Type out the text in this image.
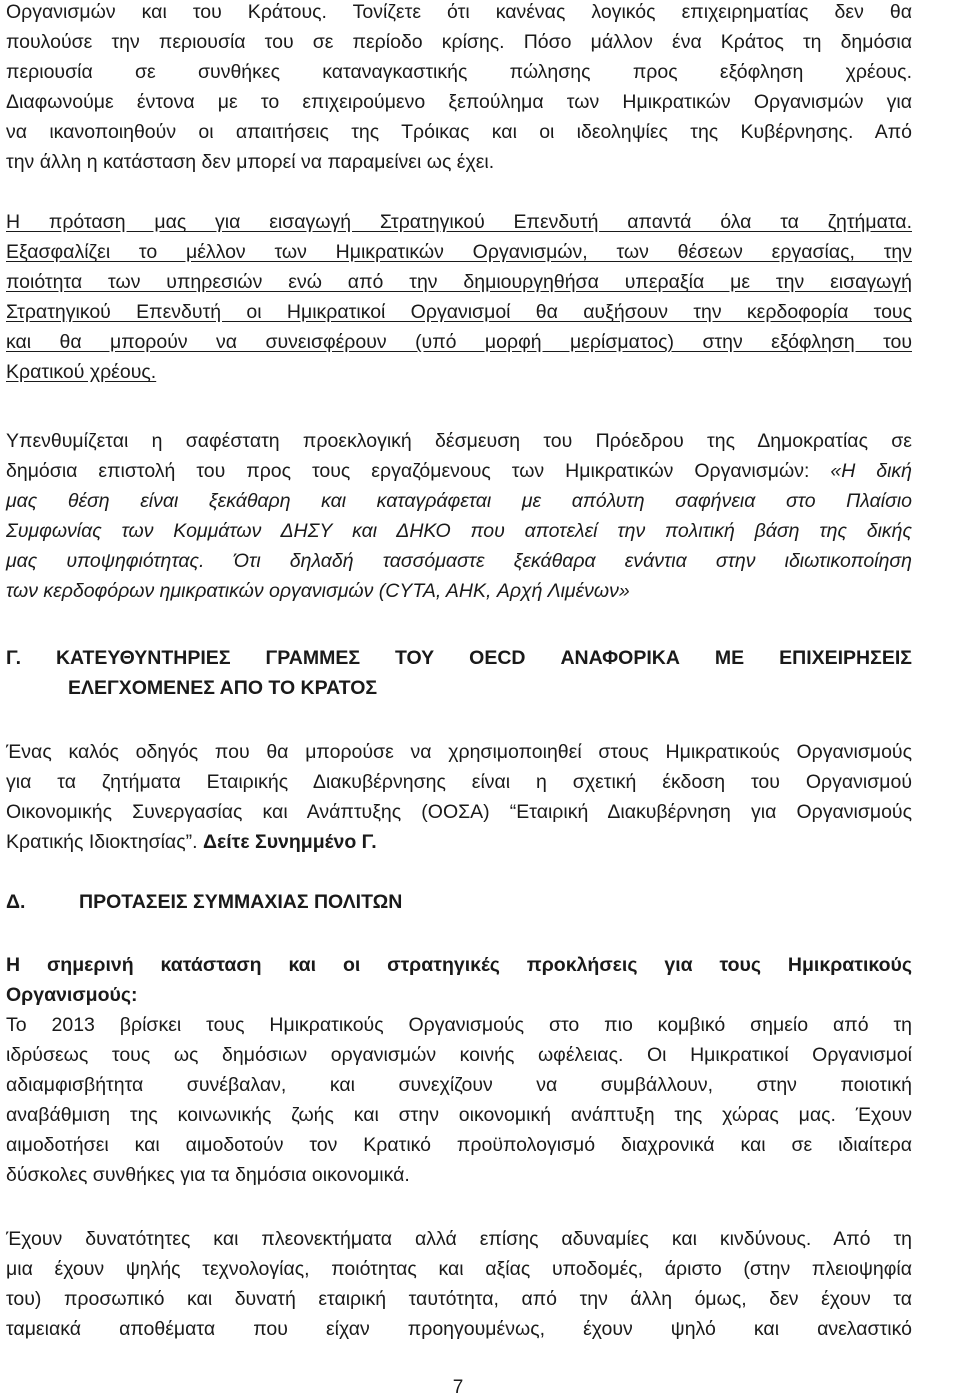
Οργανισμών και του Κράτους. Τονίζετε ότι κανένας λογικός επιχειρηματίας δεν θα
πουλούσε την περιουσία του σε περίοδο κρίσης. Πόσο μάλλον ένα Κράτος τη δημόσια
περιουσία σε συνθήκες καταναγκαστικής πώλησης προς εξόφληση χρέους.
Διαφωνούμε έντονα με το επιχειρούμενο ξεπούλημα των Ημικρατικών Οργανισμών για
να ικανοποιηθούν οι απαιτήσεις της Τρόικας και οι ιδεοληψίες της Κυβέρνησης. Από
την άλλη η κατάσταση δεν μπορεί να παραμείνει ως έχει.
Η πρόταση μας για εισαγωγή Στρατηγικού Επενδυτή απαντά όλα τα ζητήματα.
Εξασφαλίζει το μέλλον των Ημικρατικών Οργανισμών, των θέσεων εργασίας, την
ποιότητα των υπηρεσιών ενώ από την δημιουργηθήσα υπεραξία με την εισαγωγή
Στρατηγικού Επενδυτή οι Ημικρατικοί Οργανισμοί θα αυξήσουν την κερδοφορία τους
και θα μπορούν να συνεισφέρουν (υπό μορφή μερίσματος) στην εξόφληση του
Κρατικού χρέους.
Υπενθυμίζεται η σαφέστατη προεκλογική δέσμευση του Πρόεδρου της Δημοκρατίας σε
δημόσια επιστολή του προς τους εργαζόμενους των Ημικρατικών Οργανισμών: «Η δική
μας θέση είναι ξεκάθαρη και καταγράφεται με απόλυτη σαφήνεια στο Πλαίσιο
Συμφωνίας των Κομμάτων ΔΗΣΥ και ΔΗΚΟ που αποτελεί την πολιτική βάση της δικής
μας υποψηφιότητας. Ότι δηλαδή τασσόμαστε ξεκάθαρα ενάντια στην ιδιωτικοποίηση
των κερδοφόρων ημικρατικών οργανισμών (CYTA, AHK, Αρχή Λιμένων»
Γ. ΚΑΤΕΥΘΥΝΤΗΡΙΕΣ ΓΡΑΜΜΕΣ ΤΟΥ OECD ΑΝΑΦΟΡΙΚΑ ΜΕ ΕΠΙΧΕΙΡΗΣΕΙΣ
ΕΛΕΓΧΟΜΕΝΕΣ ΑΠΟ ΤΟ ΚΡΑΤΟΣ
Ένας καλός οδηγός που θα μπορούσε να χρησιμοποιηθεί στους Ημικρατικούς Οργανισμούς
για τα ζητήματα Εταιρικής Διακυβέρνησης είναι η σχετική έκδοση του Οργανισμού
Οικονομικής Συνεργασίας και Ανάπτυξης (ΟΟΣΑ) “Εταιρική Διακυβέρνηση για Οργανισμούς
Κρατικής Ιδιοκτησίας”. Δείτε Συνημμένο Γ.
Δ.	ΠΡΟΤΑΣΕΙΣ ΣΥΜΜΑΧΙΑΣ ΠΟΛΙΤΩΝ
Η σημερινή κατάσταση και οι στρατηγικές προκλήσεις για τους Ημικρατικούς
Οργανισμούς:
Το 2013 βρίσκει τους Ημικρατικούς Οργανισμούς στο πιο κομβικό σημείο από τη
ιδρύσεως τους ως δημόσιων οργανισμών κοινής ωφέλειας. Οι Ημικρατικοί Οργανισμοί
αδιαμφισβήτητα συνέβαλαν, και συνεχίζουν να συμβάλλουν, στην ποιοτική
αναβάθμιση της κοινωνικής ζωής και στην οικονομική ανάπτυξη της χώρας μας. Έχουν
αιμοδοτήσει και αιμοδοτούν τον Κρατικό προϋπολογισμό διαχρονικά και σε ιδιαίτερα
δύσκολες συνθήκες για τα δημόσια οικονομικά.
Έχουν δυνατότητες και πλεονεκτήματα αλλά επίσης αδυναμίες και κινδύνους. Από τη
μια έχουν ψηλής τεχνολογίας, ποιότητας και αξίας υποδομές, άριστο (στην πλειοψηφία
του) προσωπικό και δυνατή εταιρική ταυτότητα, από την άλλη όμως, δεν έχουν τα
ταμειακά αποθέματα που είχαν προηγουμένως, έχουν ψηλό και ανελαστικό
7
